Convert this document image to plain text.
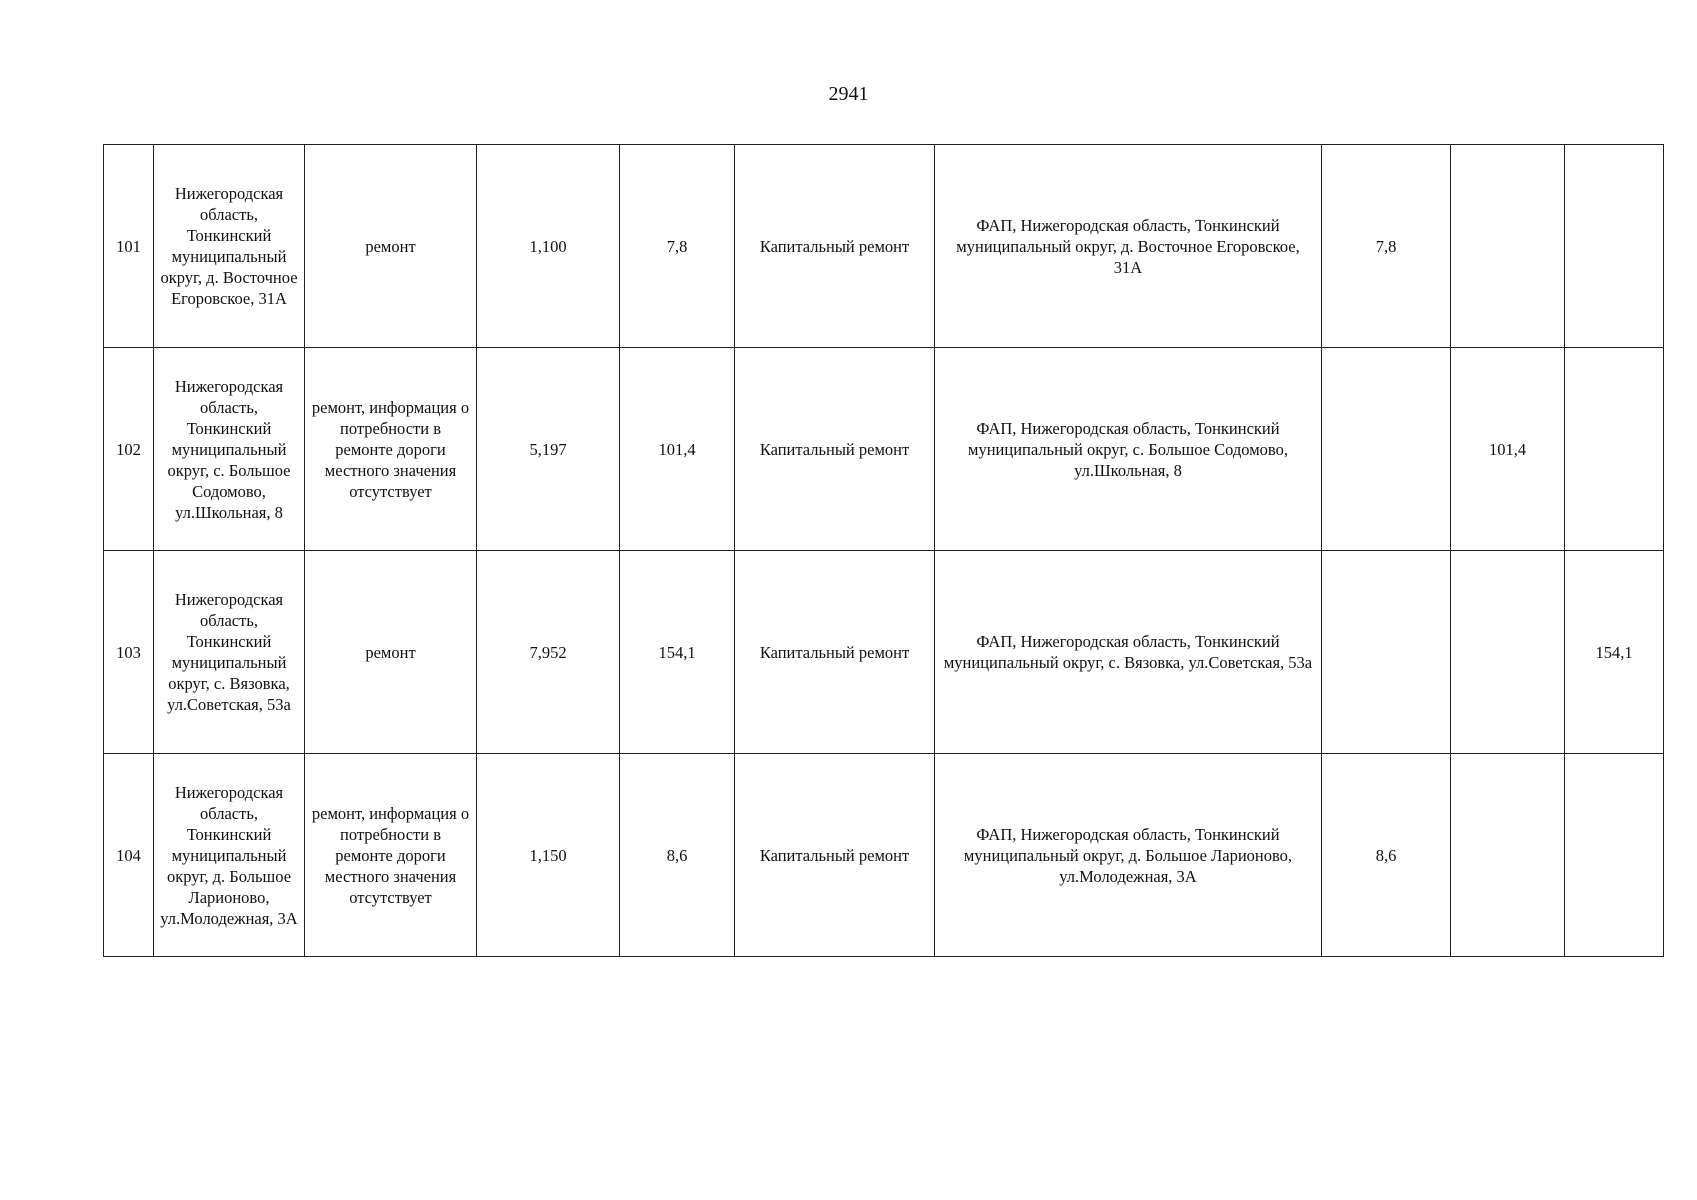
2941
101	Нижегородская область, Тонкинский муниципальный округ, д. Восточное Егоровское, 31А	ремонт	1,100	7,8	Капитальный ремонт	ФАП, Нижегородская область, Тонкинский муниципальный округ, д. Восточное Егоровское, 31А	7,8		
102	Нижегородская область, Тонкинский муниципальный округ, с. Большое Содомово, ул.Школьная, 8	ремонт, информация о потребности в ремонте дороги местного значения отсутствует	5,197	101,4	Капитальный ремонт	ФАП, Нижегородская область, Тонкинский муниципальный округ, с. Большое Содомово, ул.Школьная, 8		101,4	
103	Нижегородская область, Тонкинский муниципальный округ, с. Вязовка, ул.Советская, 53а	ремонт	7,952	154,1	Капитальный ремонт	ФАП, Нижегородская область, Тонкинский муниципальный округ, с. Вязовка, ул.Советская, 53а			154,1
104	Нижегородская область, Тонкинский муниципальный округ, д. Большое Ларионово, ул.Молодежная, 3А	ремонт, информация о потребности в ремонте дороги местного значения отсутствует	1,150	8,6	Капитальный ремонт	ФАП, Нижегородская область, Тонкинский муниципальный округ, д. Большое Ларионово, ул.Молодежная, 3А	8,6		
